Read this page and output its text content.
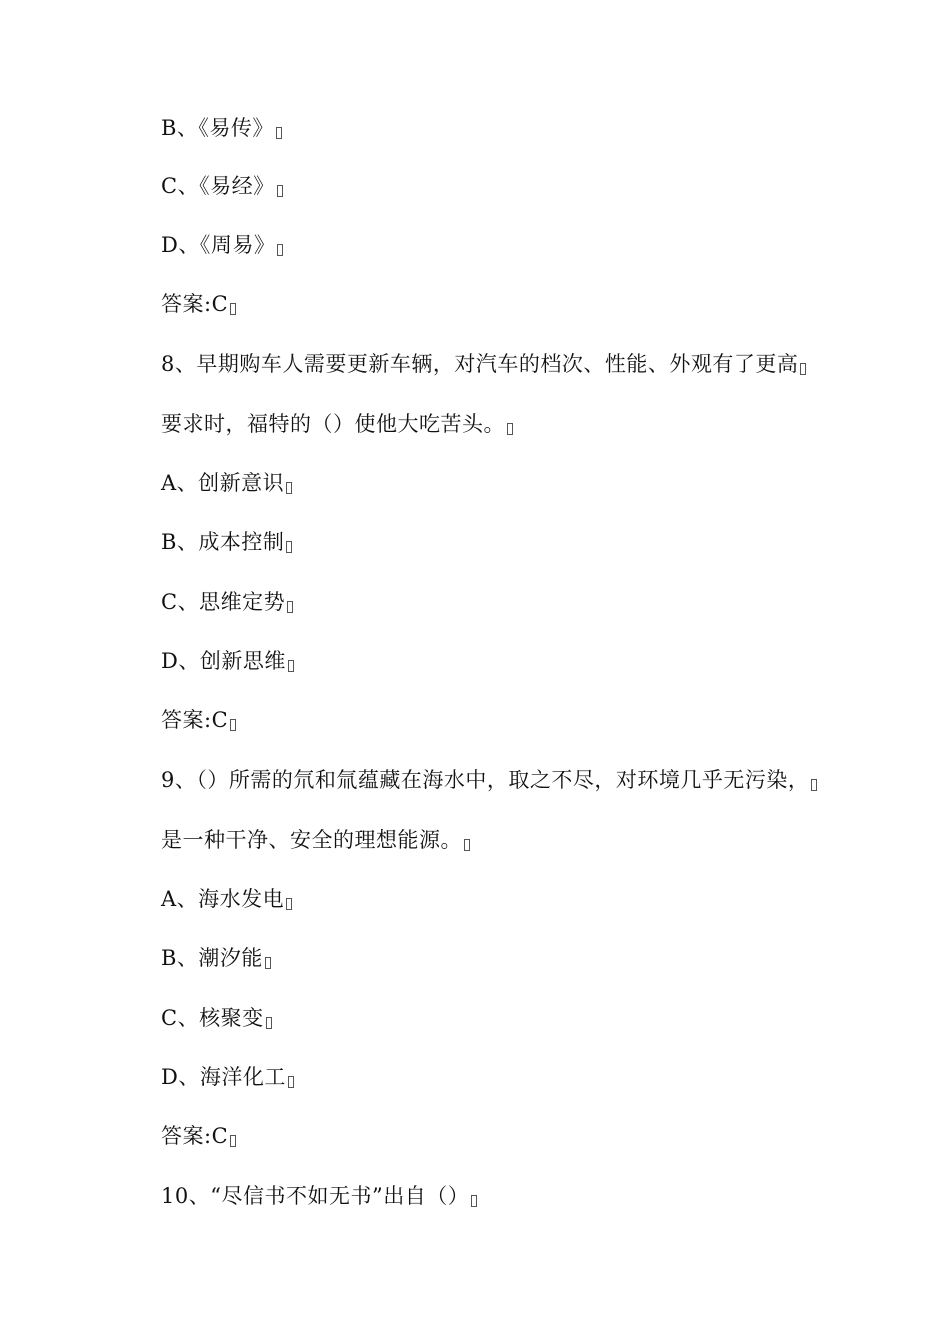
B、《易传》
C、《易经》
D、《周易》
答案:C
8、早期购车人需要更新车辆，对汽车的档次、性能、外观有了更高
要求时，福特的（）使他大吃苦头。
A、创新意识
B、成本控制
C、思维定势
D、创新思维
答案:C
9、（）所需的氘和氚蕴藏在海水中，取之不尽，对环境几乎无污染，
是一种干净、安全的理想能源。
A、海水发电
B、潮汐能
C、核聚变
D、海洋化工
答案:C
10、“尽信书不如无书”出自（）
